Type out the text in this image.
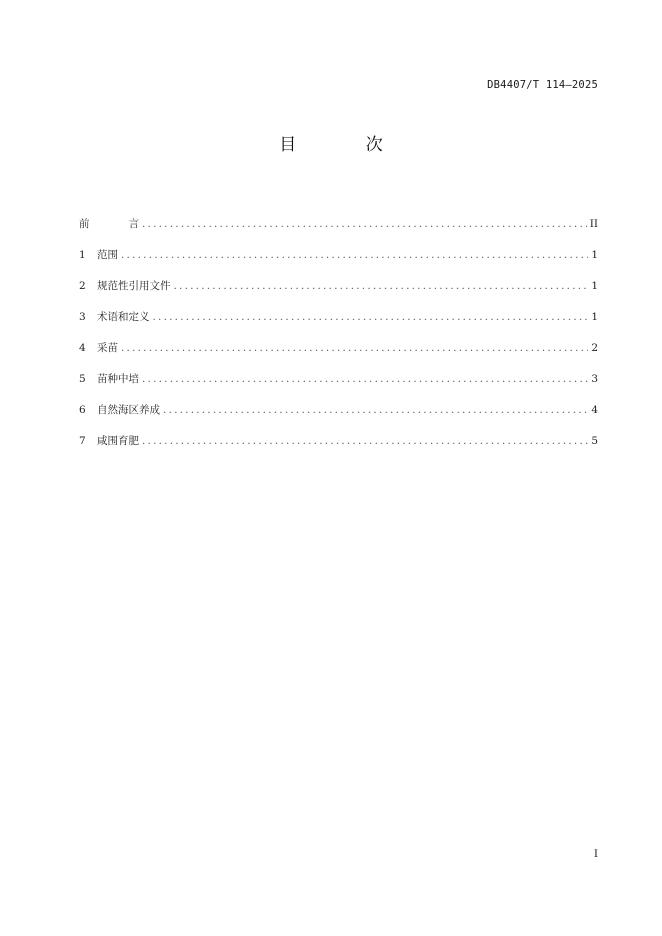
DB4407/T 114—2025
目 次
前言 .....	II
1	范围 .....	1
2	规范性引用文件 .....	1
3	术语和定义 .....	1
4	采苗 .....	2
5	苗种中培 .....	3
6	自然海区养成 .....	4
7	咸围育肥 .....	5
I
